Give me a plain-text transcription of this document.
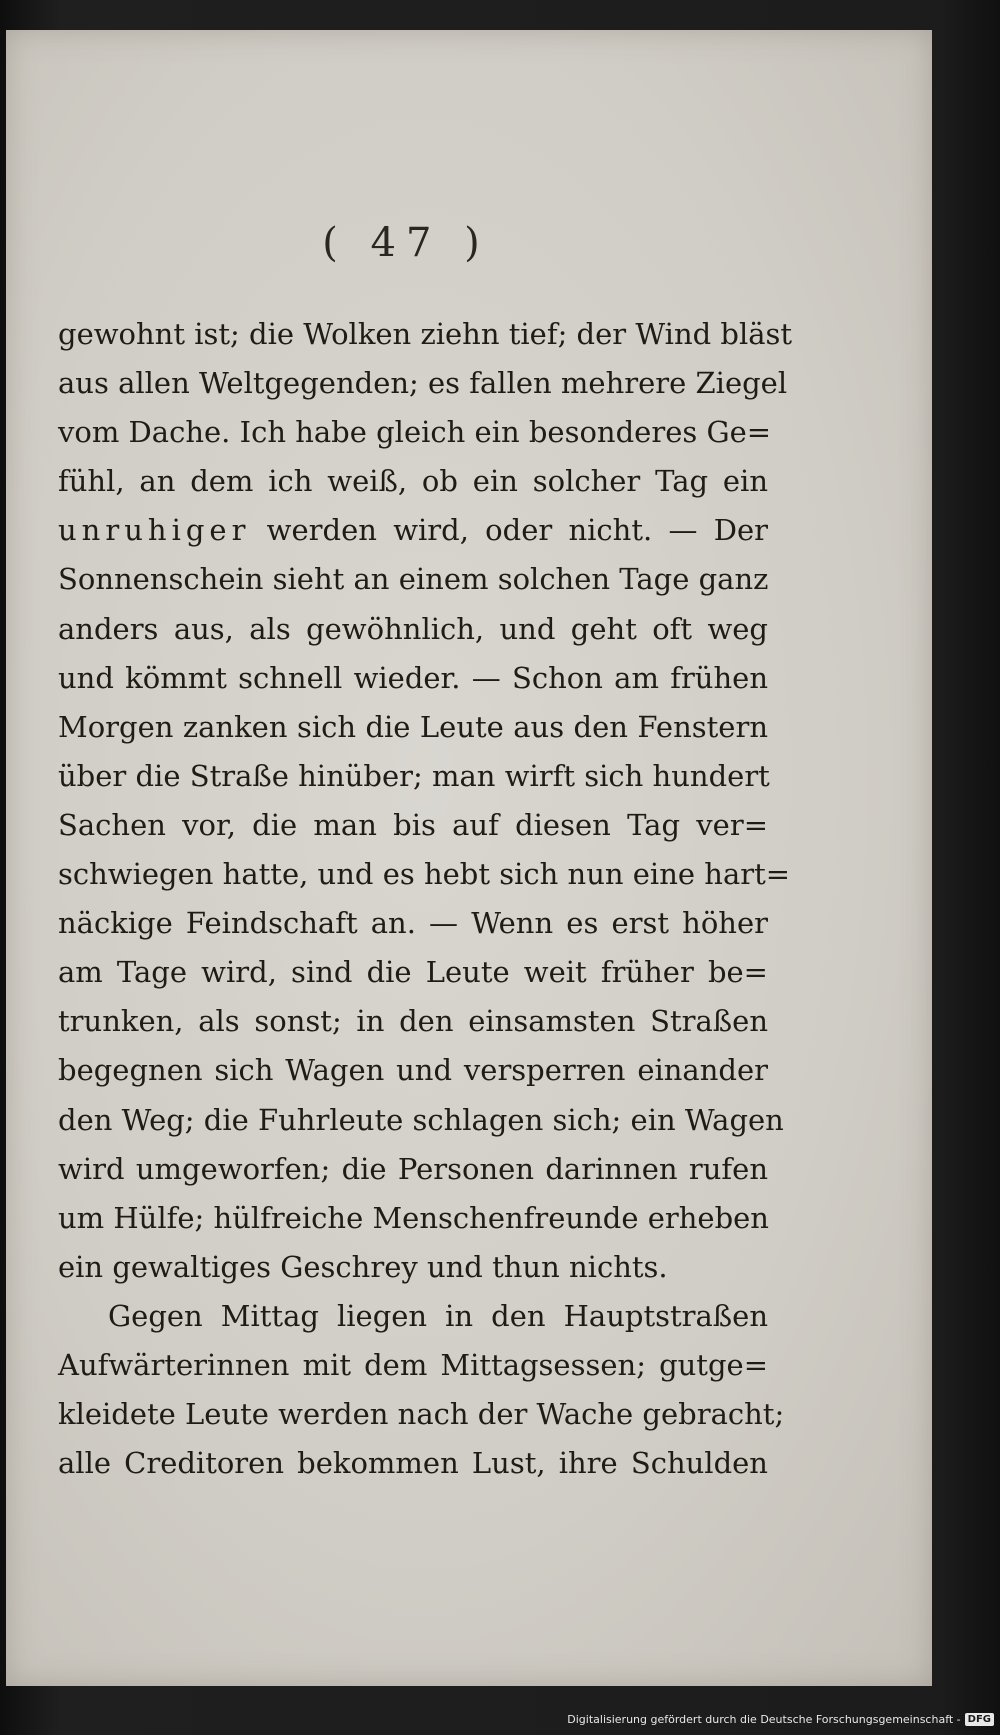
( 47 )
gewohnt ist; die Wolken ziehn tief; der Wind bläst
aus allen Weltgegenden; es fallen mehrere Ziegel
vom Dache. Ich habe gleich ein besonderes Ge=
fühl, an dem ich weiß, ob ein solcher Tag ein
unruhiger werden wird, oder nicht. — Der
Sonnenschein sieht an einem solchen Tage ganz
anders aus, als gewöhnlich, und geht oft weg
und kömmt schnell wieder. — Schon am frühen
Morgen zanken sich die Leute aus den Fenstern
über die Straße hinüber; man wirft sich hundert
Sachen vor, die man bis auf diesen Tag ver=
schwiegen hatte, und es hebt sich nun eine hart=
näckige Feindschaft an. — Wenn es erst höher
am Tage wird, sind die Leute weit früher be=
trunken, als sonst; in den einsamsten Straßen
begegnen sich Wagen und versperren einander
den Weg; die Fuhrleute schlagen sich; ein Wagen
wird umgeworfen; die Personen darinnen rufen
um Hülfe; hülfreiche Menschenfreunde erheben
ein gewaltiges Geschrey und thun nichts.
Gegen Mittag liegen in den Hauptstraßen
Aufwärterinnen mit dem Mittagsessen; gutge=
kleidete Leute werden nach der Wache gebracht;
alle Creditoren bekommen Lust, ihre Schulden
Digitalisierung gefördert durch die Deutsche Forschungsgemeinschaft - DFG
